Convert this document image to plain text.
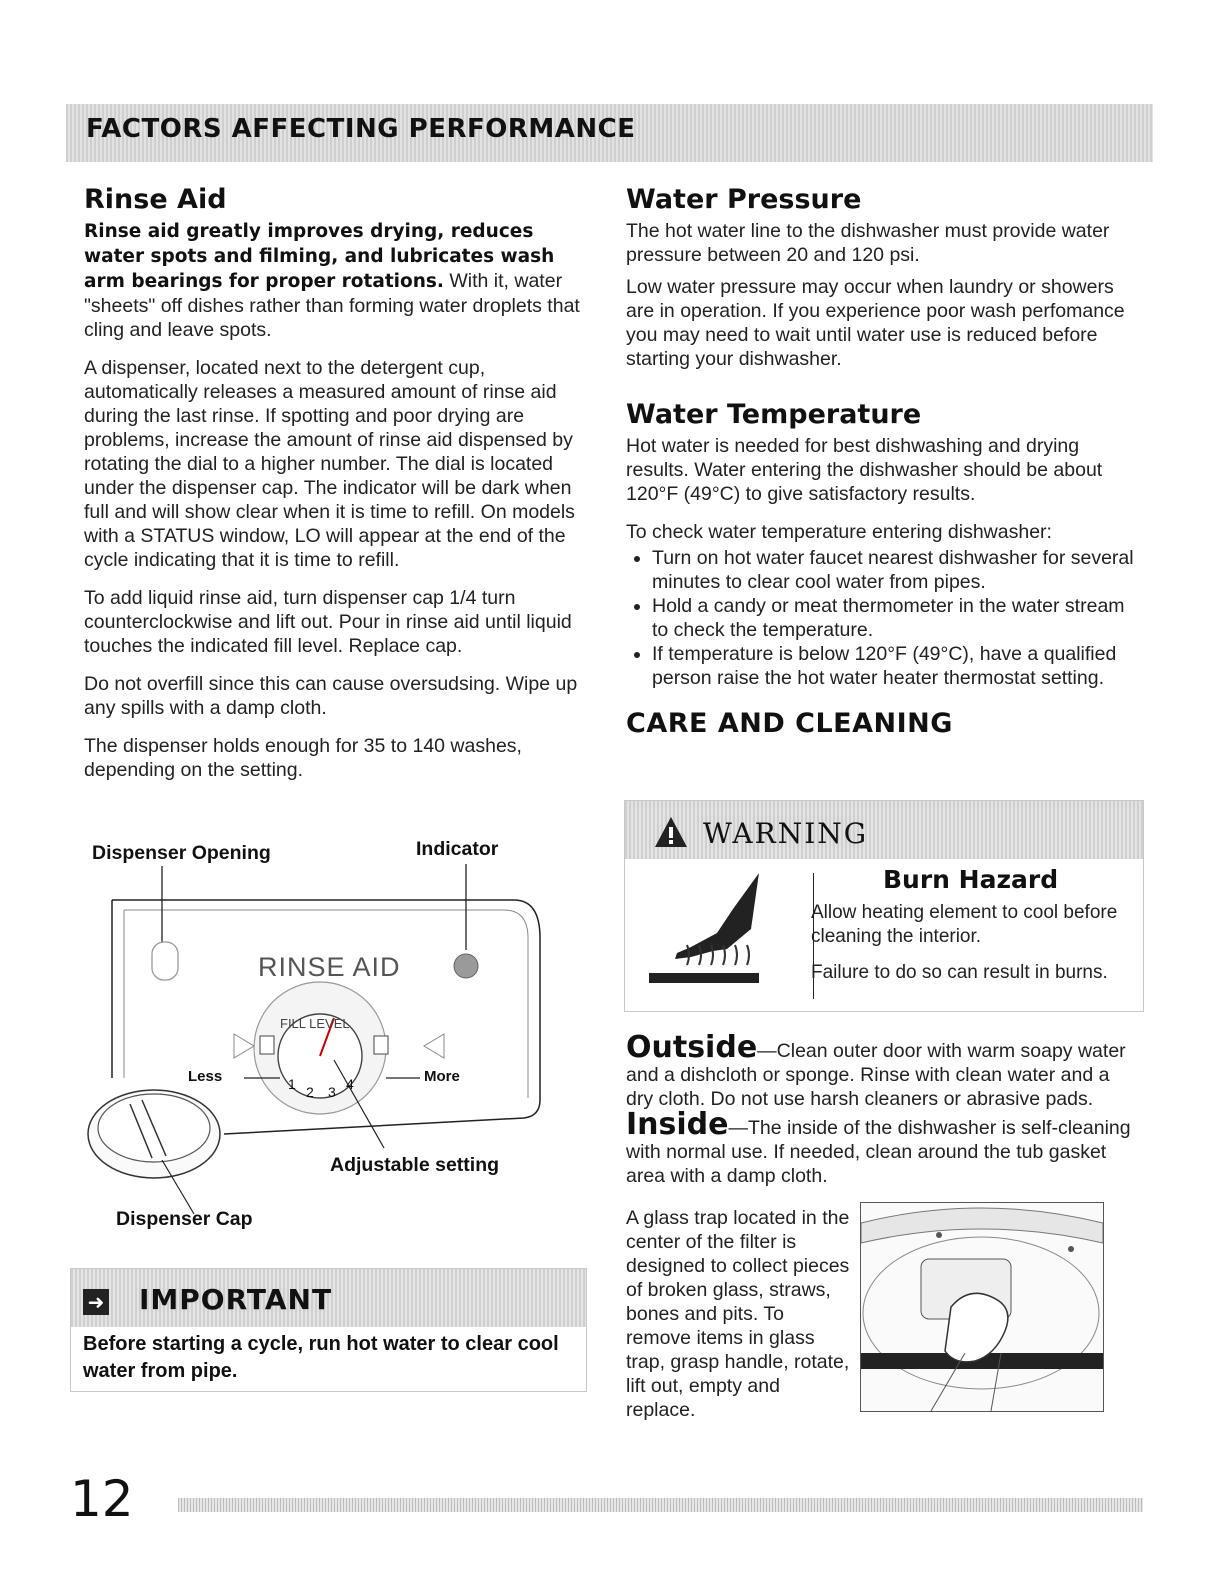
FACTORS AFFECTING PERFORMANCE
Rinse Aid

Rinse aid greatly improves drying, reduces water spots and filming, and lubricates wash arm bearings for proper rotations. With it, water "sheets" off dishes rather than forming water droplets that cling and leave spots.

A dispenser, located next to the detergent cup, automatically releases a measured amount of rinse aid during the last rinse. If spotting and poor drying are problems, increase the amount of rinse aid dispensed by rotating the dial to a higher number. The dial is located under the dispenser cap. The indicator will be dark when full and will show clear when it is time to refill. On models with a STATUS window, LO will appear at the end of the cycle indicating that it is time to refill.

To add liquid rinse aid, turn dispenser cap 1/4 turn counterclockwise and lift out. Pour in rinse aid until liquid touches the indicated fill level. Replace cap.

Do not overfill since this can cause oversudsing. Wipe up any spills with a damp cloth.

The dispenser holds enough for 35 to 140 washes, depending on the setting.

Dispenser Opening	Indicator
RINSE AID
FILL LEVEL
1 2 3 4
Less	More
Adjustable setting
Dispenser Cap
➜ IMPORTANT
Before starting a cycle, run hot water to clear cool water from pipe.
Water Pressure

The hot water line to the dishwasher must provide water pressure between 20 and 120 psi.

Low water pressure may occur when laundry or showers are in operation. If you experience poor wash perfomance you may need to wait until water use is reduced before starting your dishwasher.

Water Temperature

Hot water is needed for best dishwashing and drying results. Water entering the dishwasher should be about 120°F (49°C) to give satisfactory results.

To check water temperature entering dishwasher:

• Turn on hot water faucet nearest dishwasher for several minutes to clear cool water from pipes.
• Hold a candy or meat thermometer in the water stream to check the temperature.
• If temperature is below 120°F (49°C), have a qualified person raise the hot water heater thermostat setting.
CARE AND CLEANING
WARNING
Burn Hazard

Allow heating element to cool before cleaning the interior.

Failure to do so can result in burns.

Outside—Clean outer door with warm soapy water and a dishcloth or sponge. Rinse with clean water and a dry cloth. Do not use harsh cleaners or abrasive pads.

Inside—The inside of the dishwasher is self-cleaning with normal use. If needed, clean around the tub gasket area with a damp cloth.

A glass trap located in the center of the filter is designed to collect pieces of broken glass, straws, bones and pits. To remove items in glass trap, grasp handle, rotate, lift out, empty and replace.
12
